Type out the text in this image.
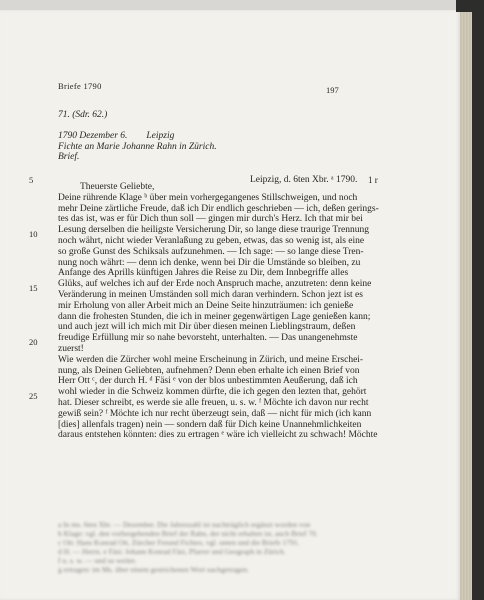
Briefe 1790	197
71. (Sdr. 62.)
1790 Dezember 6.        Leipzig
Fichte an Marie Johanne Rahn in Zürich.
Brief.
Leipzig, d. 6ten Xbr. ᵃ 1790. 1 r
5
10
15
20
25
Theuerste Geliebte,
Deine rührende Klage ᵇ über mein vorhergegangenes Stillschweigen, und noch
mehr Deine zärtliche Freude, daß ich Dir endlich geschrieben — ich, deßen gerings-
tes das ist, was er für Dich thun soll — gingen mir durch's Herz. Ich that mir bei
Lesung derselben die heiligste Versicherung Dir, so lange diese traurige Trennung
noch währt, nicht wieder Veranlaßung zu geben, etwas, das so wenig ist, als eine
so große Gunst des Schiksals aufzunehmen. — Ich sage: — so lange diese Tren-
nung noch währt: — denn ich denke, wenn bei Dir die Umstände so bleiben, zu
Anfange des Aprills künftigen Jahres die Reise zu Dir, dem Innbegriffe alles
Glüks, auf welches ich auf der Erde noch Anspruch mache, anzutreten: denn keine
Veränderung in meinen Umständen soll mich daran verhindern. Schon jezt ist es
mir Erholung von aller Arbeit mich an Deine Seite hinzuträumen: ich genieße
dann die frohesten Stunden, die ich in meiner gegenwärtigen Lage genießen kann;
und auch jezt will ich mich mit Dir über diesen meinen Lieblingstraum, deßen
freudige Erfüllung mir so nahe bevorsteht, unterhalten. — Das unangenehmste
zuerst!
Wie werden die Zürcher wohl meine Erscheinung in Zürich, und meine Erschei-
nung, als Deinen Geliebten, aufnehmen? Denn eben erhalte ich einen Brief von
Herr Ott ᶜ, der durch H. ᵈ Fäsi ᵉ von der blos unbestimmten Aeußerung, daß ich
wohl wieder in die Schweiz kommen dürfte, die ich gegen den lezten that, gehört
hat. Dieser schreibt, es werde sie alle freuen, u. s. w. ᶠ Möchte ich davon nur recht
gewiß sein? ᶠ Möchte ich nur recht überzeugt sein, daß — nicht für mich (ich kann
[dies] allenfals tragen) nein — sondern daß für Dich keine Unannehmlichkeiten
daraus entstehen könnten: dies zu ertragen ᵉ wäre ich vielleicht zu schwach! Möchte
a In ms. 6ten Xbr. — Dezember. Die Jahreszahl ist nachträglich ergänzt worden von
b Klage: vgl. den vorhergehenden Brief der Rahn, der nicht erhalten ist, auch Brief 70.
c Ott: Hans Konrad Ott, Zürcher Freund Fichtes, vgl. unten und die Briefe 1791.
d H. — Herrn. e Fäsi: Johann Konrad Fäsi, Pfarrer und Geograph in Zürich.
f u. s. w. — und so weiter.
g ertragen: im Ms. über einem gestrichenen Wort nachgetragen.
